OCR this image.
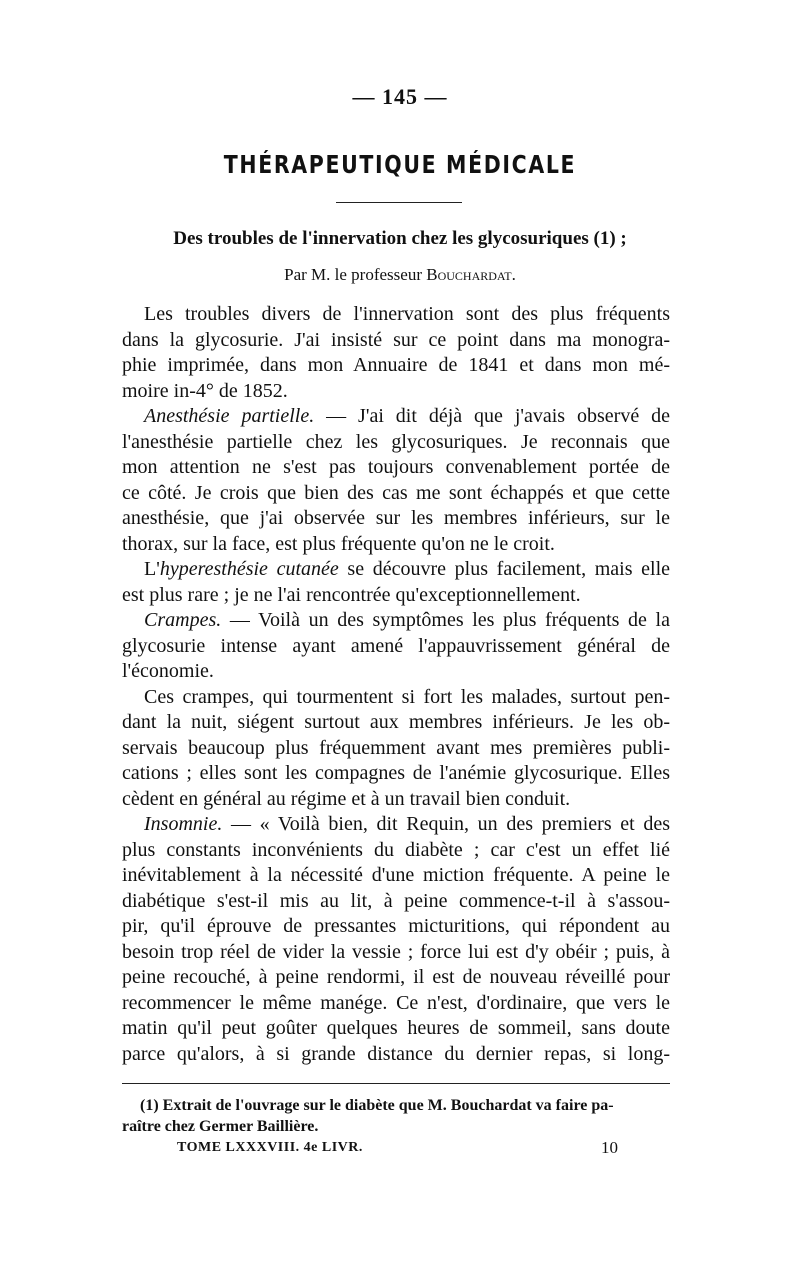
— 145 —
THÉRAPEUTIQUE MÉDICALE
Des troubles de l'innervation chez les glycosuriques (1) ;
Par M. le professeur Bouchardat.
Les troubles divers de l'innervation sont des plus fréquents
dans la glycosurie. J'ai insisté sur ce point dans ma monogra-
phie imprimée, dans mon Annuaire de 1841 et dans mon mé-
moire in-4° de 1852.
Anesthésie partielle. — J'ai dit déjà que j'avais observé de
l'anesthésie partielle chez les glycosuriques. Je reconnais que
mon attention ne s'est pas toujours convenablement portée de
ce côté. Je crois que bien des cas me sont échappés et que cette
anesthésie, que j'ai observée sur les membres inférieurs, sur le
thorax, sur la face, est plus fréquente qu'on ne le croit.
L'hyperesthésie cutanée se découvre plus facilement, mais elle
est plus rare ; je ne l'ai rencontrée qu'exceptionnellement.
Crampes. — Voilà un des symptômes les plus fréquents de la
glycosurie intense ayant amené l'appauvrissement général de
l'économie.
Ces crampes, qui tourmentent si fort les malades, surtout pen-
dant la nuit, siégent surtout aux membres inférieurs. Je les ob-
servais beaucoup plus fréquemment avant mes premières publi-
cations ; elles sont les compagnes de l'anémie glycosurique. Elles
cèdent en général au régime et à un travail bien conduit.
Insomnie. — « Voilà bien, dit Requin, un des premiers et des
plus constants inconvénients du diabète ; car c'est un effet lié
inévitablement à la nécessité d'une miction fréquente. A peine le
diabétique s'est-il mis au lit, à peine commence-t-il à s'assou-
pir, qu'il éprouve de pressantes micturitions, qui répondent au
besoin trop réel de vider la vessie ; force lui est d'y obéir ; puis, à
peine recouché, à peine rendormi, il est de nouveau réveillé pour
recommencer le même manége. Ce n'est, d'ordinaire, que vers le
matin qu'il peut goûter quelques heures de sommeil, sans doute
parce qu'alors, à si grande distance du dernier repas, si long-
(1) Extrait de l'ouvrage sur le diabète que M. Bouchardat va faire pa-
raître chez Germer Baillière.
TOME LXXXVIII. 4e LIVR.	10
